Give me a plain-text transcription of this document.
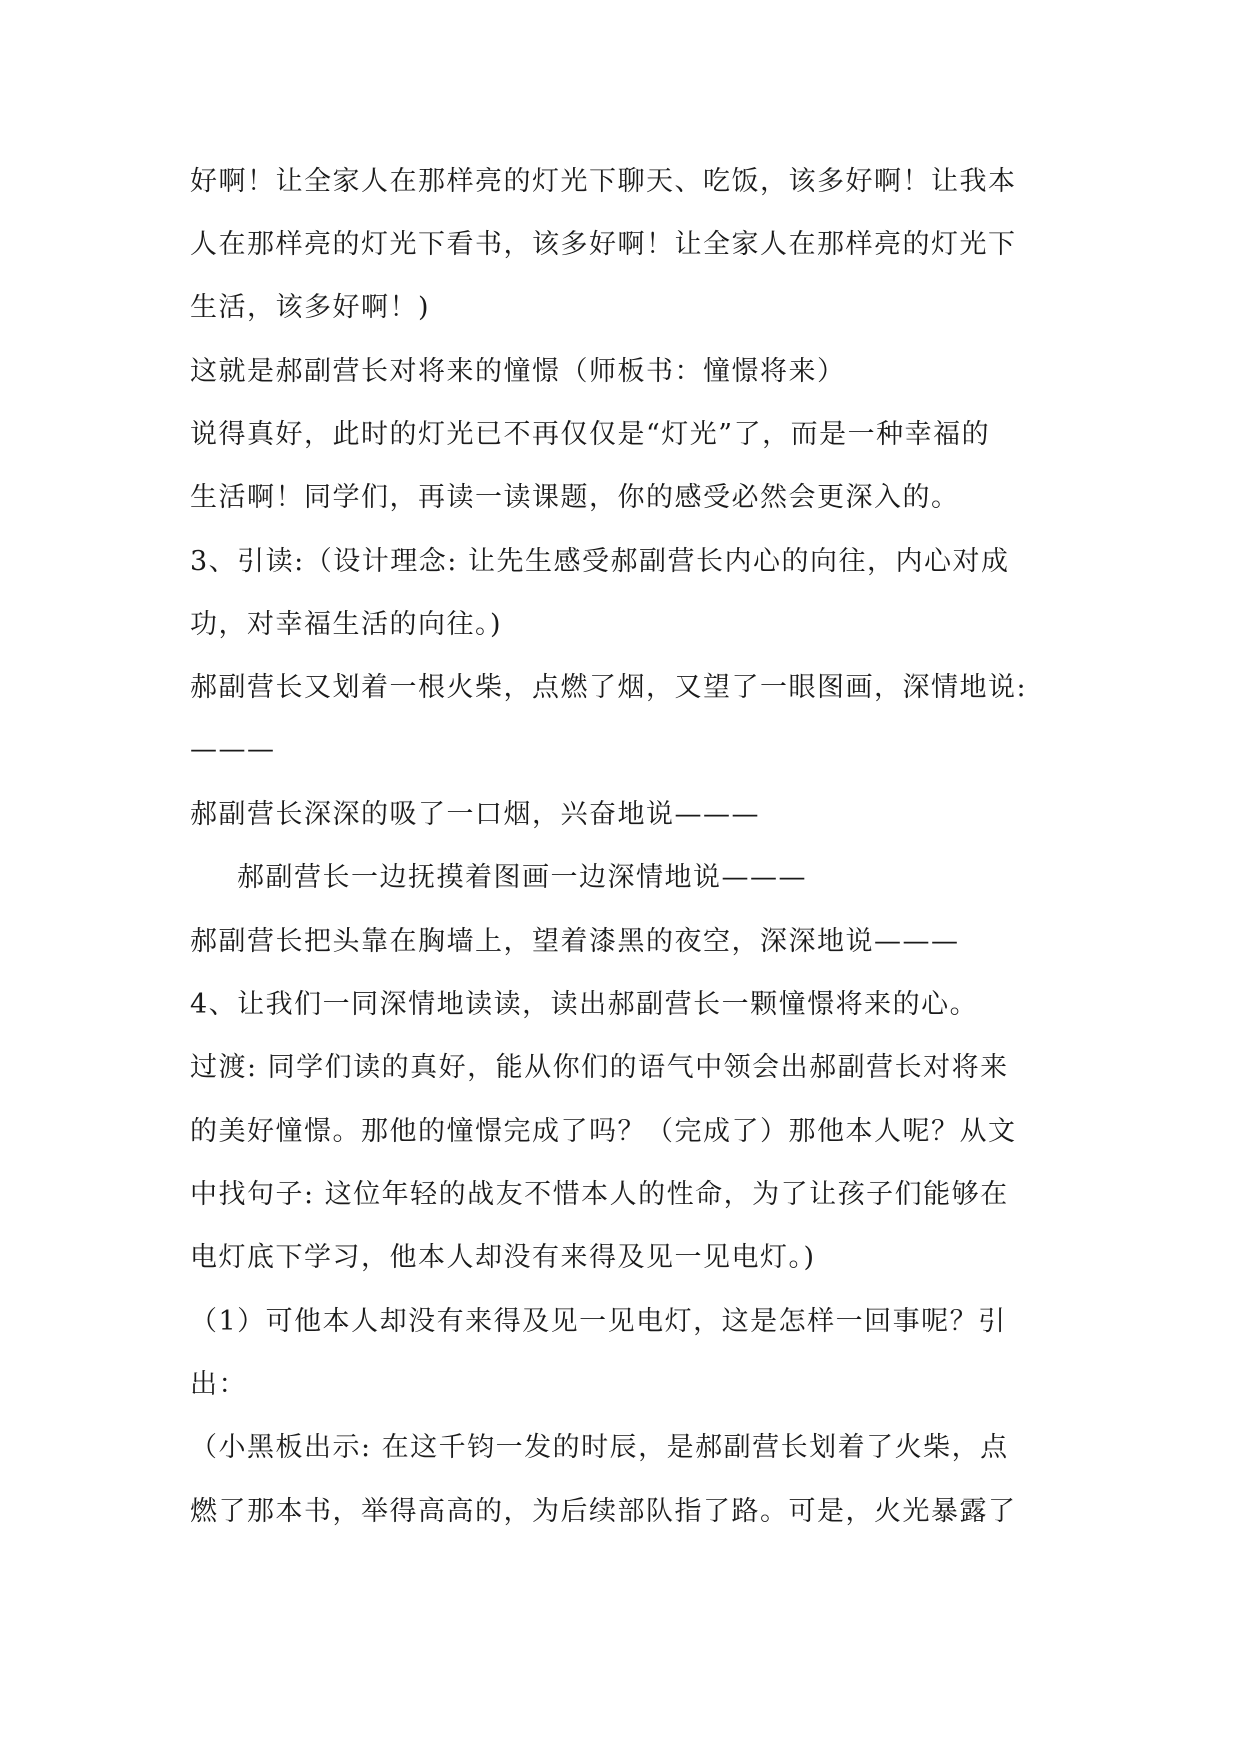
好啊！让全家人在那样亮的灯光下聊天、吃饭，该多好啊！让我本
人在那样亮的灯光下看书，该多好啊！让全家人在那样亮的灯光下
生活，该多好啊！)
这就是郝副营长对将来的憧憬（师板书：憧憬将来）
说得真好，此时的灯光已不再仅仅是“灯光”了，而是一种幸福的
生活啊！同学们，再读一读课题，你的感受必然会更深入的。
3、引读:（设计理念: 让先生感受郝副营长内心的向往，内心对成
功，对幸福生活的向往。)
郝副营长又划着一根火柴，点燃了烟，又望了一眼图画，深情地说:
———
郝副营长深深的吸了一口烟，兴奋地说———
郝副营长一边抚摸着图画一边深情地说———
郝副营长把头靠在胸墙上，望着漆黑的夜空，深深地说———
4、让我们一同深情地读读，读出郝副营长一颗憧憬将来的心。
过渡: 同学们读的真好，能从你们的语气中领会出郝副营长对将来
的美好憧憬。那他的憧憬完成了吗？（完成了）那他本人呢？从文
中找句子: 这位年轻的战友不惜本人的性命，为了让孩子们能够在
电灯底下学习，他本人却没有来得及见一见电灯。)
（1）可他本人却没有来得及见一见电灯，这是怎样一回事呢？引
出：
（小黑板出示: 在这千钧一发的时辰，是郝副营长划着了火柴，点
燃了那本书，举得高高的，为后续部队指了路。可是，火光暴露了
